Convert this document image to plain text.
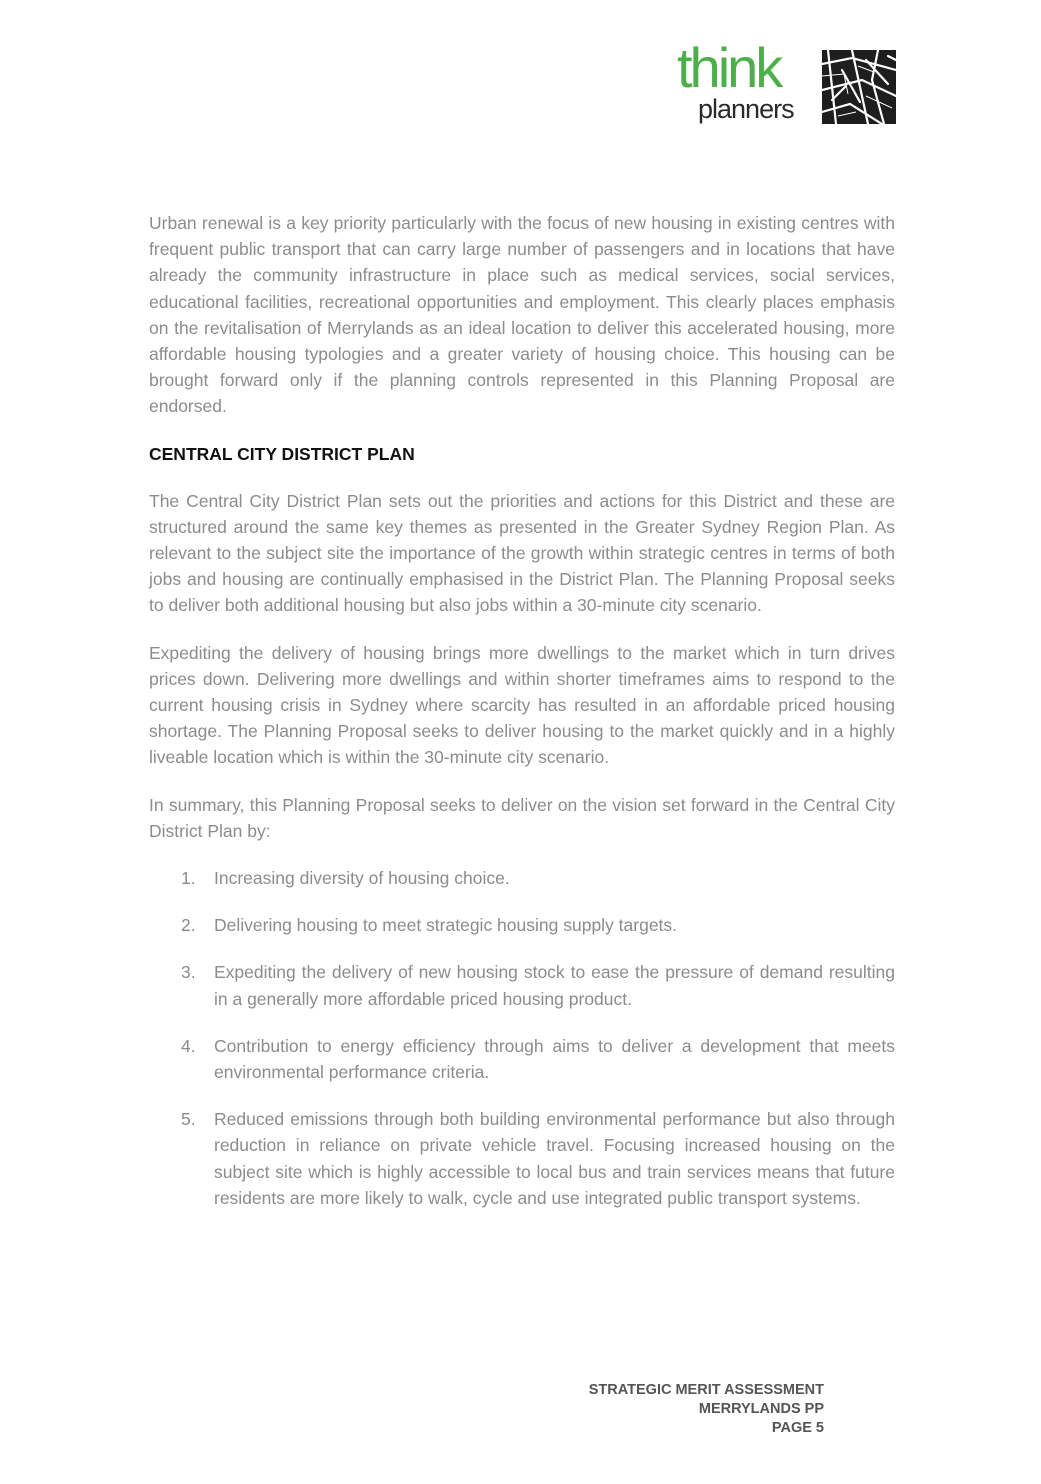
think
planners

Urban renewal is a key priority particularly with the focus of new housing in existing centres with frequent public transport that can carry large number of passengers and in locations that have already the community infrastructure in place such as medical services, social services, educational facilities, recreational opportunities and employment. This clearly places emphasis on the revitalisation of Merrylands as an ideal location to deliver this accelerated housing, more affordable housing typologies and a greater variety of housing choice. This housing can be brought forward only if the planning controls represented in this Planning Proposal are endorsed.

CENTRAL CITY DISTRICT PLAN

The Central City District Plan sets out the priorities and actions for this District and these are structured around the same key themes as presented in the Greater Sydney Region Plan. As relevant to the subject site the importance of the growth within strategic centres in terms of both jobs and housing are continually emphasised in the District Plan. The Planning Proposal seeks to deliver both additional housing but also jobs within a 30-minute city scenario.

Expediting the delivery of housing brings more dwellings to the market which in turn drives prices down. Delivering more dwellings and within shorter timeframes aims to respond to the current housing crisis in Sydney where scarcity has resulted in an affordable priced housing shortage. The Planning Proposal seeks to deliver housing to the market quickly and in a highly liveable location which is within the 30-minute city scenario.

In summary, this Planning Proposal seeks to deliver on the vision set forward in the Central City District Plan by:

1. Increasing diversity of housing choice.
2. Delivering housing to meet strategic housing supply targets.
3. Expediting the delivery of new housing stock to ease the pressure of demand resulting in a generally more affordable priced housing product.
4. Contribution to energy efficiency through aims to deliver a development that meets environmental performance criteria.
5. Reduced emissions through both building environmental performance but also through reduction in reliance on private vehicle travel. Focusing increased housing on the subject site which is highly accessible to local bus and train services means that future residents are more likely to walk, cycle and use integrated public transport systems.
STRATEGIC MERIT ASSESSMENT
MERRYLANDS PP
PAGE 5
